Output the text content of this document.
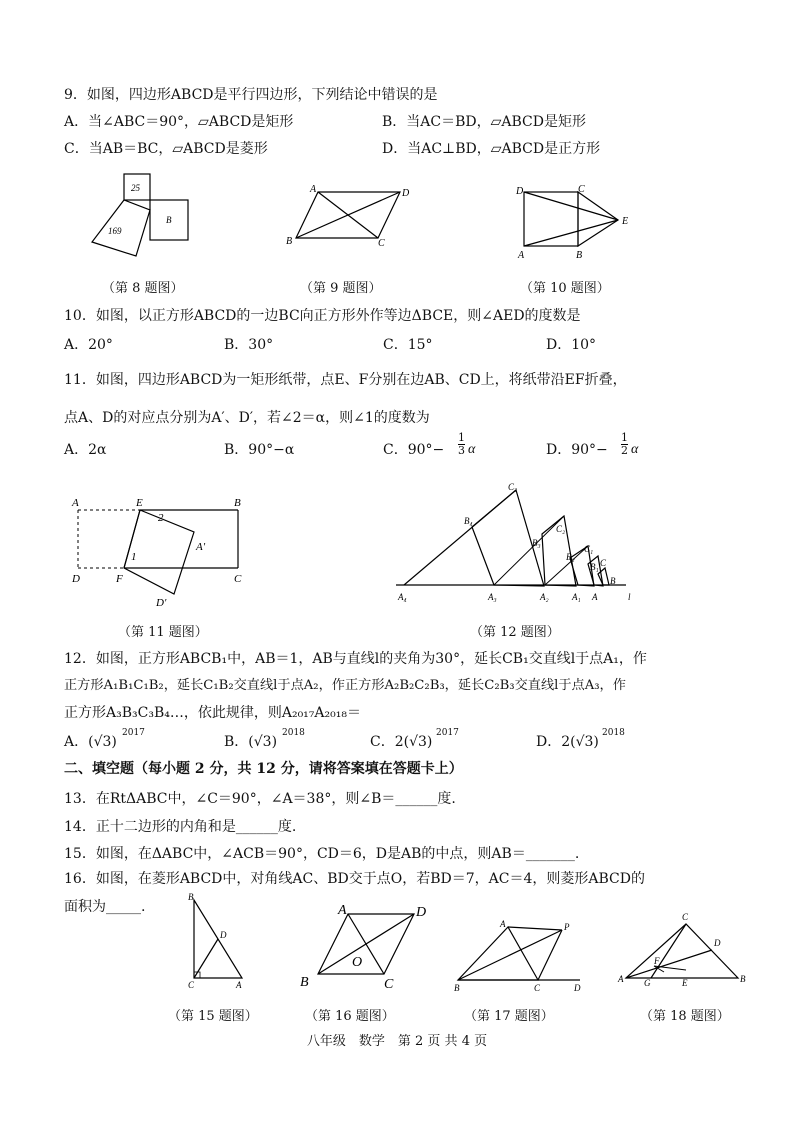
9．如图，四边形ABCD是平行四边形，下列结论中错误的是
A．当∠ABC＝90°，▱ABCD是矩形	B．当AC＝BD，▱ABCD是矩形
C．当AB＝BC，▱ABCD是菱形	D．当AC⊥BD，▱ABCD是正方形
25
169
B
（第 8 题图）
A	D
B	C
（第 9 题图）
D	C
E
A	B
（第 10 题图）
10．如图，以正方形ABCD的一边BC向正方形外作等边ΔBCE，则∠AED的度数是
A．20°	B．30°	C．15°	D．10°
11．如图，四边形ABCD为一矩形纸带，点E、F分别在边AB、CD上，将纸带沿EF折叠，
点A、D的对应点分别为A′、D′，若∠2＝α，则∠1的度数为
A．2α	B．90°−α	C．90°−
1
3 α	D．90°−
1
2 α
A	E	B
2
A′
1
D	F	C
D′
（第 11 题图）
C₃
B₄
C₂
B₃
B₂
C₁
B₁ C
B
A₄	A₃	A₂	A₁ A	l
（第 12 题图）
12．如图，正方形ABCB₁中，AB＝1，AB与直线l的夹角为30°，延长CB₁交直线l于点A₁，作
正方形A₁B₁C₁B₂，延长C₁B₂交直线l于点A₂，作正方形A₂B₂C₂B₃，延长C₂B₃交直线l于点A₃，作
正方形A₃B₃C₃B₄…，依此规律，则A₂₀₁₇A₂₀₁₈＝
A．(√3)
2017
B．(√3)
2018
C．2(√3)
2017
D．2(√3)
2018
二、填空题（每小题 2 分，共 12 分，请将答案填在答题卡上）
13．在RtΔABC中，∠C＝90°，∠A＝38°，则∠B＝______度.
14．正十二边形的内角和是______度.
15．如图，在ΔABC中，∠ACB＝90°，CD＝6，D是AB的中点，则AB＝_______.
16．如图，在菱形ABCD中，对角线AC、BD交于点O，若BD＝7，AC＝4，则菱形ABCD的
面积为_____.
B
D
C	A
（第 15 题图）
A	D
O
B	C
（第 16 题图）
A	P
B	C	D
（第 17 题图）
C
D
F
A G	E	B
（第 18 题图）
八年级　数学　第 2 页 共 4 页
